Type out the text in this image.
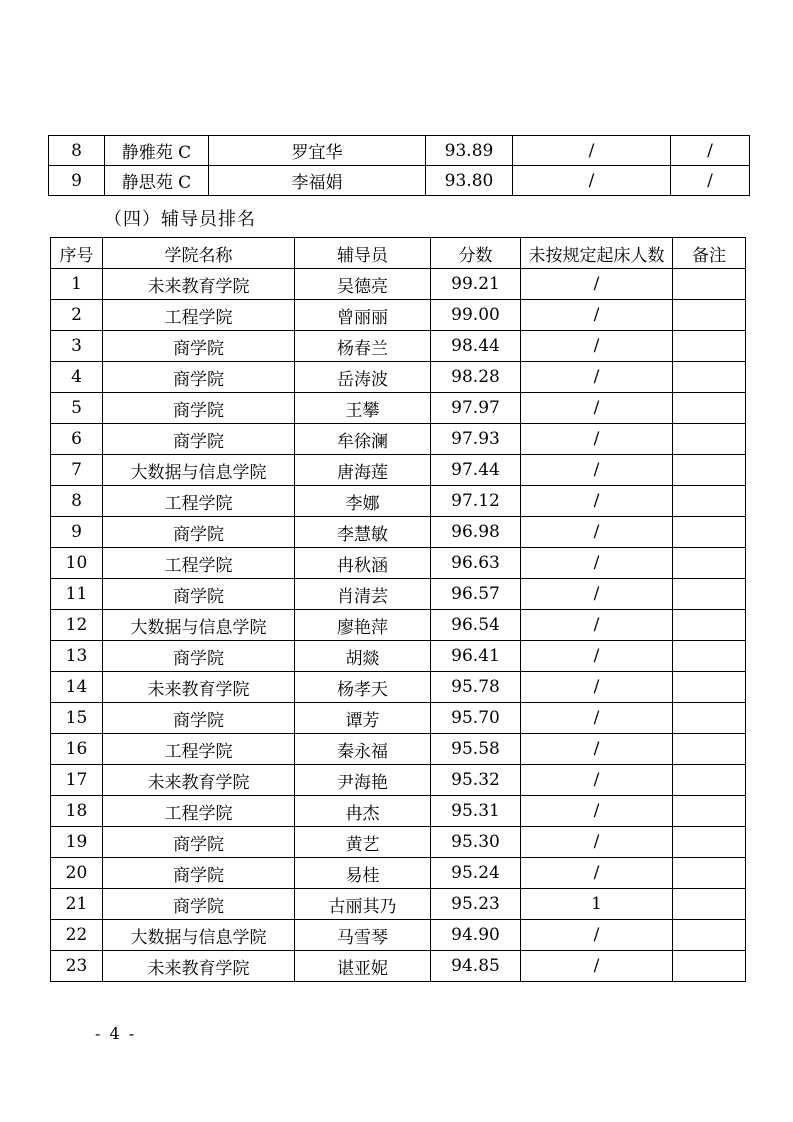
8	静雅苑 C	罗宜华	93.89	/	/
9	静思苑 C	李福娟	93.80	/	/
（四）辅导员排名
序号	学院名称	辅导员	分数	未按规定起床人数	备注
1	未来教育学院	吴德亮	99.21	/	
2	工程学院	曾丽丽	99.00	/	
3	商学院	杨春兰	98.44	/	
4	商学院	岳涛波	98.28	/	
5	商学院	王攀	97.97	/	
6	商学院	牟徐澜	97.93	/	
7	大数据与信息学院	唐海莲	97.44	/	
8	工程学院	李娜	97.12	/	
9	商学院	李慧敏	96.98	/	
10	工程学院	冉秋涵	96.63	/	
11	商学院	肖清芸	96.57	/	
12	大数据与信息学院	廖艳萍	96.54	/	
13	商学院	胡燚	96.41	/	
14	未来教育学院	杨孝天	95.78	/	
15	商学院	谭芳	95.70	/	
16	工程学院	秦永福	95.58	/	
17	未来教育学院	尹海艳	95.32	/	
18	工程学院	冉杰	95.31	/	
19	商学院	黄艺	95.30	/	
20	商学院	易桂	95.24	/	
21	商学院	古丽其乃	95.23	1	
22	大数据与信息学院	马雪琴	94.90	/	
23	未来教育学院	谌亚妮	94.85	/	
- 4 -
